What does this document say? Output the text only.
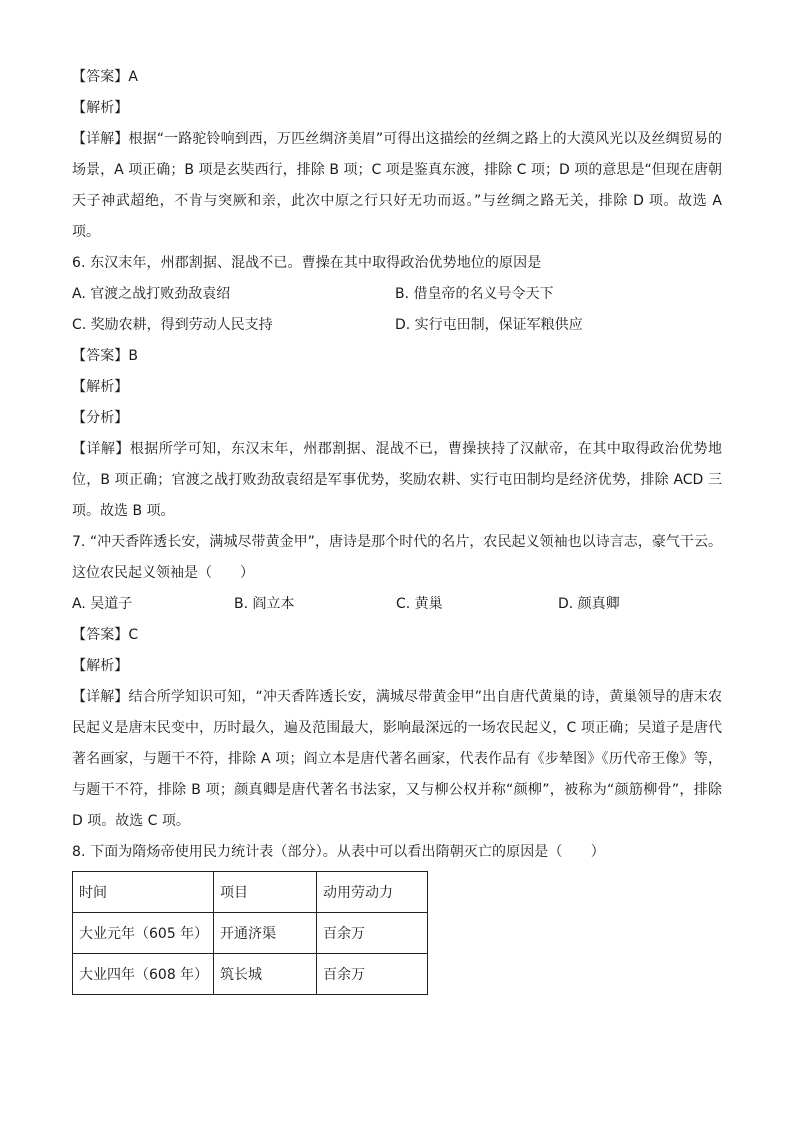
【答案】A
【解析】
【详解】根据“一路驼铃响到西，万匹丝绸济美眉”可得出这描绘的丝绸之路上的大漠风光以及丝绸贸易的场景，A 项正确；B 项是玄奘西行，排除 B 项；C 项是鉴真东渡，排除 C 项；D 项的意思是“但现在唐朝天子神武超绝，不肯与突厥和亲，此次中原之行只好无功而返。”与丝绸之路无关，排除 D 项。故选 A 项。
6. 东汉末年，州郡割据、混战不已。曹操在其中取得政治优势地位的原因是
A. 官渡之战打败劲敌袁绍	B. 借皇帝的名义号令天下
C. 奖励农耕，得到劳动人民支持	D. 实行屯田制，保证军粮供应
【答案】B
【解析】
【分析】
【详解】根据所学可知，东汉末年，州郡割据、混战不已，曹操挟持了汉献帝，在其中取得政治优势地位，B 项正确；官渡之战打败劲敌袁绍是军事优势，奖励农耕、实行屯田制均是经济优势，排除 ACD 三项。故选 B 项。
7. “冲天香阵透长安，满城尽带黄金甲”，唐诗是那个时代的名片，农民起义领袖也以诗言志，豪气干云。这位农民起义领袖是（　　）
A. 吴道子	B. 阎立本	C. 黄巢	D. 颜真卿
【答案】C
【解析】
【详解】结合所学知识可知，“冲天香阵透长安，满城尽带黄金甲”出自唐代黄巢的诗，黄巢领导的唐末农民起义是唐末民变中，历时最久，遍及范围最大，影响最深远的一场农民起义，C 项正确；吴道子是唐代著名画家，与题干不符，排除 A 项；阎立本是唐代著名画家，代表作品有《步辇图》《历代帝王像》等，与题干不符，排除 B 项；颜真卿是唐代著名书法家，又与柳公权并称“颜柳”，被称为“颜筋柳骨”，排除 D 项。故选 C 项。
8. 下面为隋炀帝使用民力统计表（部分）。从表中可以看出隋朝灭亡的原因是（　　）
时间	项目	动用劳动力
大业元年（605 年）	开通济渠	百余万
大业四年（608 年）	筑长城	百余万
